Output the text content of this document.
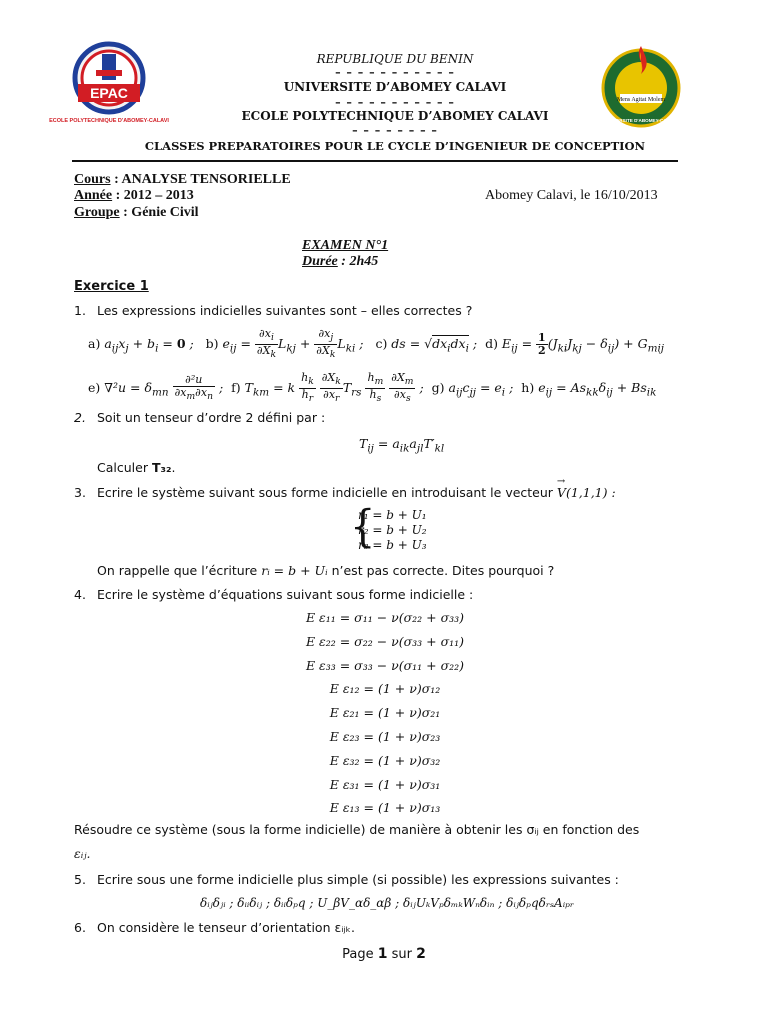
EPAC
ECOLE POLYTECHNIQUE D'ABOMEY-CALAVI
Mens Agitat Molem
UNIVERSITE D'ABOMEY-CALAVI
REPUBLIQUE DU BENIN
– – – – – – – – – – –
UNIVERSITE D’ABOMEY CALAVI
– – – – – – – – – – –
ECOLE POLYTECHNIQUE D’ABOMEY CALAVI
– – – – – – – –
CLASSES PREPARATOIRES POUR LE CYCLE D’INGENIEUR DE CONCEPTION
Cours : ANALYSE TENSORIELLE
Année : 2012 – 2013
Groupe : Génie Civil
Abomey Calavi, le 16/10/2013
EXAMEN N°1
Durée : 2h45
Exercice 1
1. Les expressions indicielles suivantes sont – elles correctes ?
a) $a_{ij}x_j + b_i = 0$ ;   b) $e_{ij} = \frac{\partial x_i}{\partial X_k} L_{kj} + \frac{\partial x_j}{\partial X_k} L_{ki}$ ;   c) ds = $√dx_idx_i$ ;  d) $E_{ij} = \frac{1}{2} (J_{ki}J_{kj} - \delta_{ij}) + G_{mij}$
e) $\nabla^2u = \delta_{mn} \frac{\text{∂²u}}{\partial x_m\partial x_n}$ ;  f) $T_{km} = k \frac{h_k}{h_r}$
$\frac{\partial X_k}{\partial x_r} T_{rs} \frac{h_m}{h_s}$
$\frac{\partial X_m}{\partial x_s}$ ;  g) $a_{ij}c_{jj} = e_i$ ;  h) $e_{ij} = As_{kk}\delta_{ij} + Bs_{ik}$
2. Soit un tenseur d’ordre 2 défini par :
$T_{ij} = a_{ik}a_{jl}T'_{kl}$
Calculer T₃₂.
3. Ecrire le système suivant sous forme indicielle en introduisant le vecteur V
→
(1,1,1) :
{
r₁ = b + U₁
r₂ = b + U₂
r₃ = b + U₃
On rappelle que l’écriture rᵢ = b + Uᵢ n’est pas correcte. Dites pourquoi ?
4. Ecrire le système d’équations suivant sous forme indicielle :
E ε₁₁ = σ₁₁ − ν(σ₂₂ + σ₃₃)
E ε₂₂ = σ₂₂ − ν(σ₃₃ + σ₁₁)
E ε₃₃ = σ₃₃ − ν(σ₁₁ + σ₂₂)
E ε₁₂ = (1 + ν)σ₁₂
E ε₂₁ = (1 + ν)σ₂₁
E ε₂₃ = (1 + ν)σ₂₃
E ε₃₂ = (1 + ν)σ₃₂
E ε₃₁ = (1 + ν)σ₃₁
E ε₁₃ = (1 + ν)σ₁₃
Résoudre ce système (sous la forme indicielle) de manière à obtenir les σᵢⱼ en fonction des
εᵢⱼ.
5. Ecrire sous une forme indicielle plus simple (si possible) les expressions suivantes :
δᵢⱼδⱼᵢ ; δᵢᵢδᵢⱼ ; δᵢᵢδₚq ; U_βV_αδ_αβ ; δᵢⱼUₖVₚδₘₖWₙδᵢₙ ; δᵢⱼδₚqδᵣₛAᵢₚᵣ
6. On considère le tenseur d’orientation εᵢⱼₖ.
Page 1 sur 2
